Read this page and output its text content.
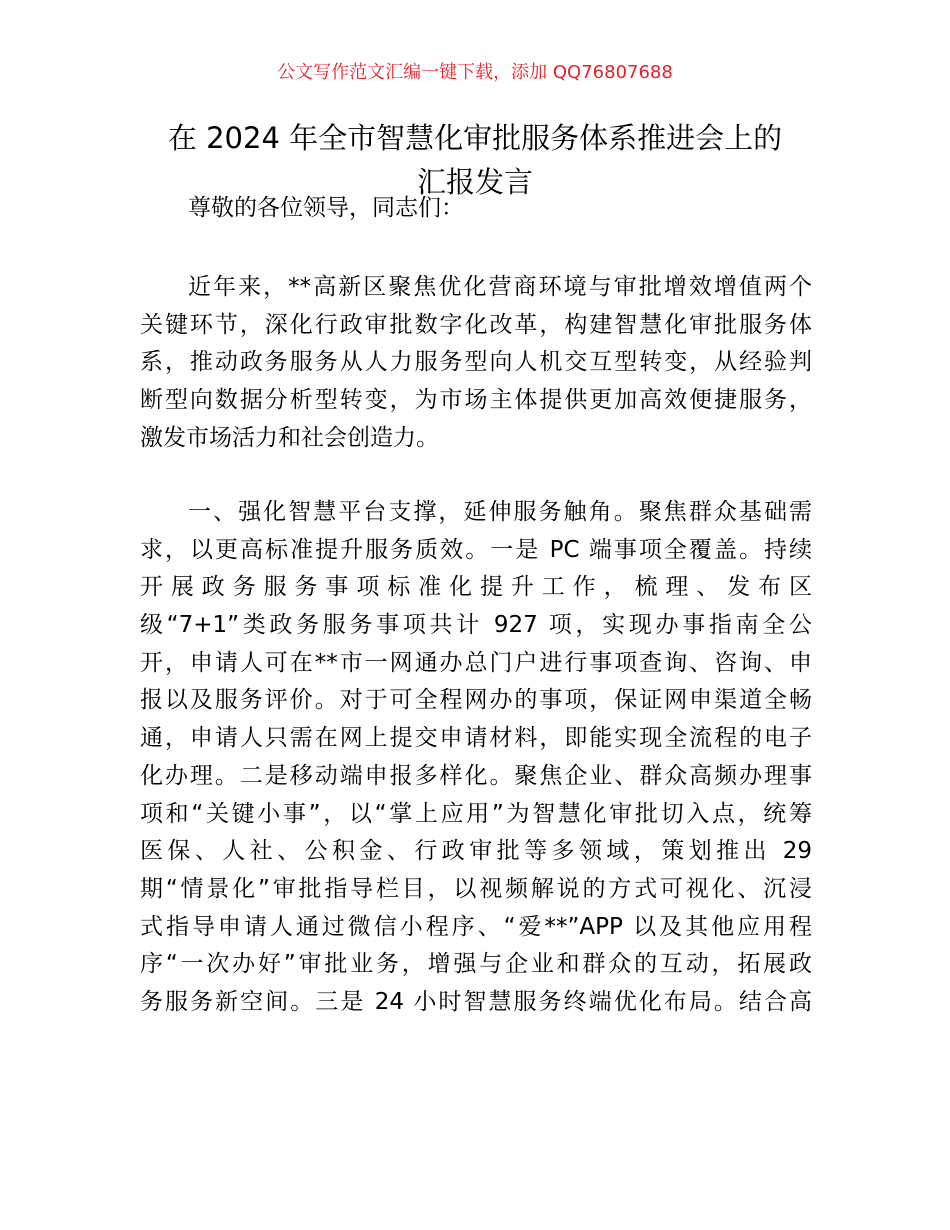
公文写作范文汇编一键下载，添加 QQ76807688
在 2024 年全市智慧化审批服务体系推进会上的
汇报发言
尊敬的各位领导，同志们：
近年来，**高新区聚焦优化营商环境与审批增效增值两个
关键环节，深化行政审批数字化改革，构建智慧化审批服务体
系，推动政务服务从人力服务型向人机交互型转变，从经验判
断型向数据分析型转变，为市场主体提供更加高效便捷服务，
激发市场活力和社会创造力。
一、强化智慧平台支撑，延伸服务触角。聚焦群众基础需
求，以更高标准提升服务质效。一是 PC 端事项全覆盖。持续
开展政务服务事项标准化提升工作，梳理、发布区
级“7+1”类政务服务事项共计 927 项，实现办事指南全公
开，申请人可在**市一网通办总门户进行事项查询、咨询、申
报以及服务评价。对于可全程网办的事项，保证网申渠道全畅
通，申请人只需在网上提交申请材料，即能实现全流程的电子
化办理。二是移动端申报多样化。聚焦企业、群众高频办理事
项和“关键小事”，以“掌上应用”为智慧化审批切入点，统筹
医保、人社、公积金、行政审批等多领域，策划推出 29
期“情景化”审批指导栏目，以视频解说的方式可视化、沉浸
式指导申请人通过微信小程序、“爱**”APP 以及其他应用程
序“一次办好”审批业务，增强与企业和群众的互动，拓展政
务服务新空间。三是 24 小时智慧服务终端优化布局。结合高
